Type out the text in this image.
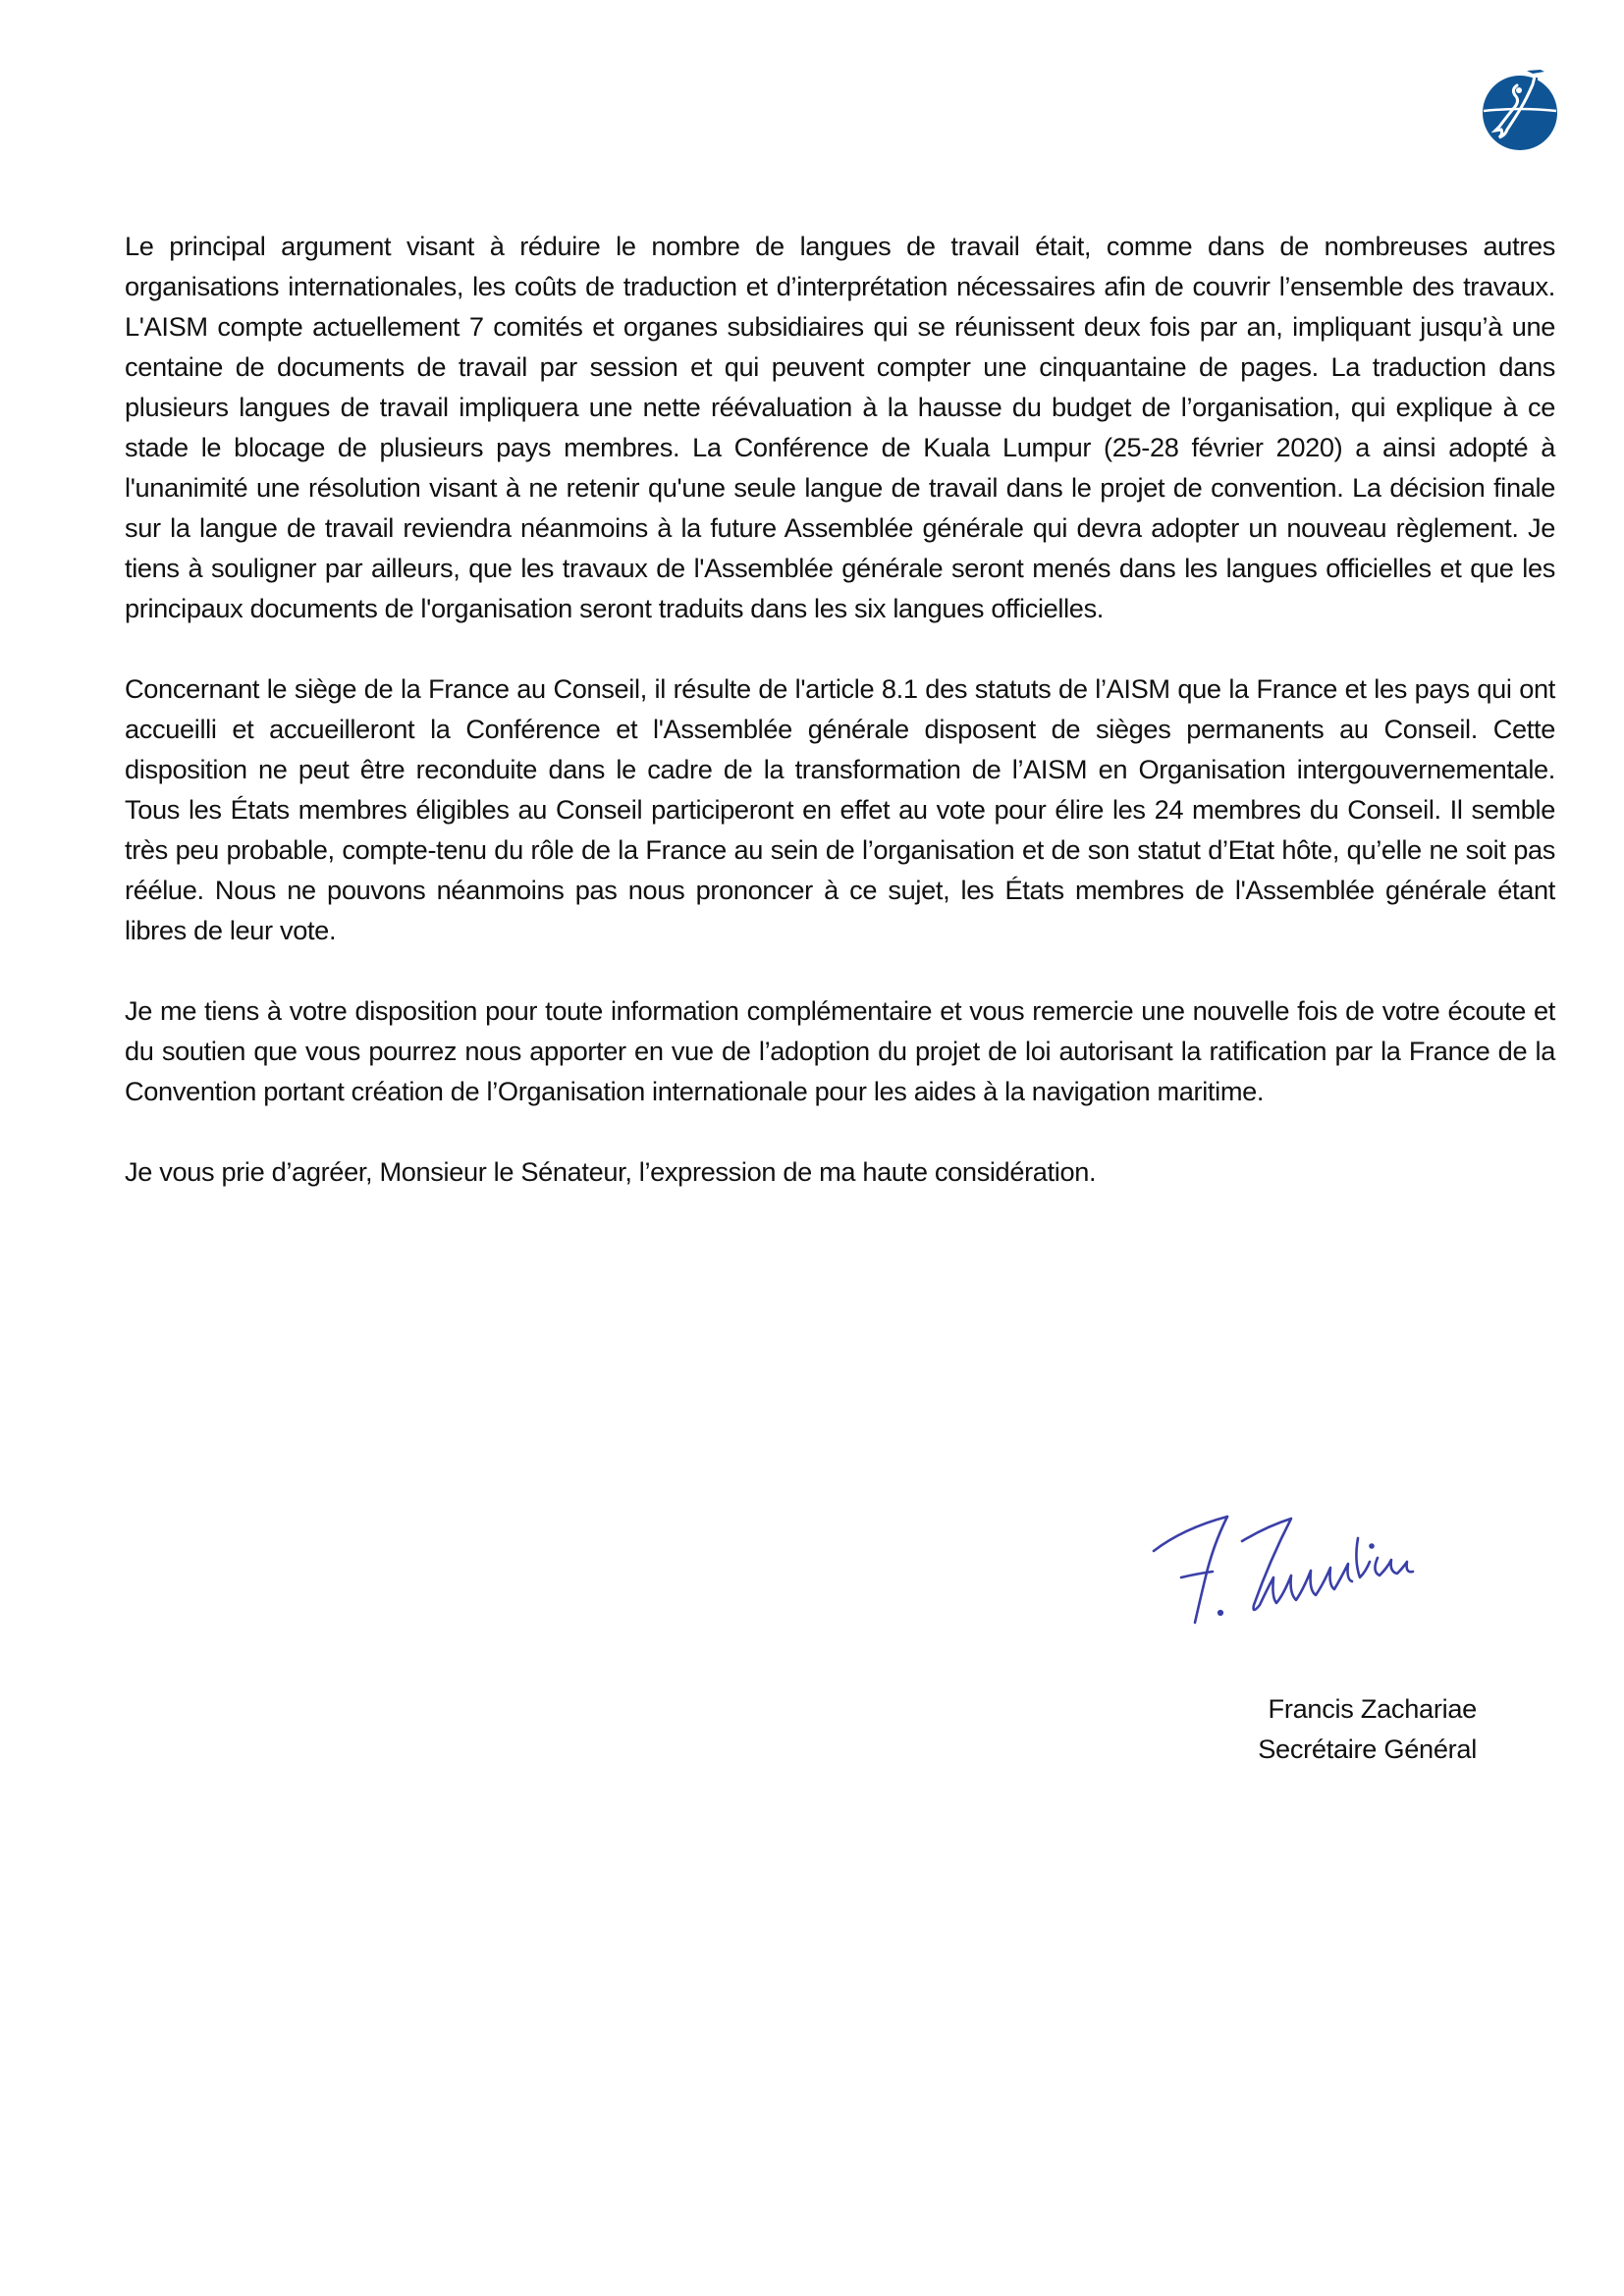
Le principal argument visant à réduire le nombre de langues de travail était, comme dans de nombreuses autres organisations internationales, les coûts de traduction et d’interprétation nécessaires afin de couvrir l’ensemble des travaux. L'AISM compte actuellement 7 comités et organes subsidiaires qui se réunissent deux fois par an, impliquant jusqu’à une centaine de documents de travail par session et qui peuvent compter une cinquantaine de pages. La traduction dans plusieurs langues de travail impliquera une nette réévaluation à la hausse du budget de l’organisation, qui explique à ce stade le blocage de plusieurs pays membres. La Conférence de Kuala Lumpur (25-28 février 2020) a ainsi adopté à l'unanimité une résolution visant à ne retenir qu'une seule langue de travail dans le projet de convention. La décision finale sur la langue de travail reviendra néanmoins à la future Assemblée générale qui devra adopter un nouveau règlement. Je tiens à souligner par ailleurs, que les travaux de l'Assemblée générale seront menés dans les langues officielles et que les principaux documents de l'organisation seront traduits dans les six langues officielles.

Concernant le siège de la France au Conseil, il résulte de l'article 8.1 des statuts de l’AISM que la France et les pays qui ont accueilli et accueilleront la Conférence et l'Assemblée générale disposent de sièges permanents au Conseil. Cette disposition ne peut être reconduite dans le cadre de la transformation de l’AISM en Organisation intergouvernementale. Tous les États membres éligibles au Conseil participeront en effet au vote pour élire les 24 membres du Conseil. Il semble très peu probable, compte-tenu du rôle de la France au sein de l’organisation et de son statut d’Etat hôte, qu’elle ne soit pas réélue. Nous ne pouvons néanmoins pas nous prononcer à ce sujet, les États membres de l'Assemblée générale étant libres de leur vote.

Je me tiens à votre disposition pour toute information complémentaire et vous remercie une nouvelle fois de votre écoute et du soutien que vous pourrez nous apporter en vue de l’adoption du projet de loi autorisant la ratification par la France de la Convention portant création de l’Organisation internationale pour les aides à la navigation maritime.

Je vous prie d’agréer, Monsieur le Sénateur, l’expression de ma haute considération.

Francis Zachariae
Secrétaire Général
